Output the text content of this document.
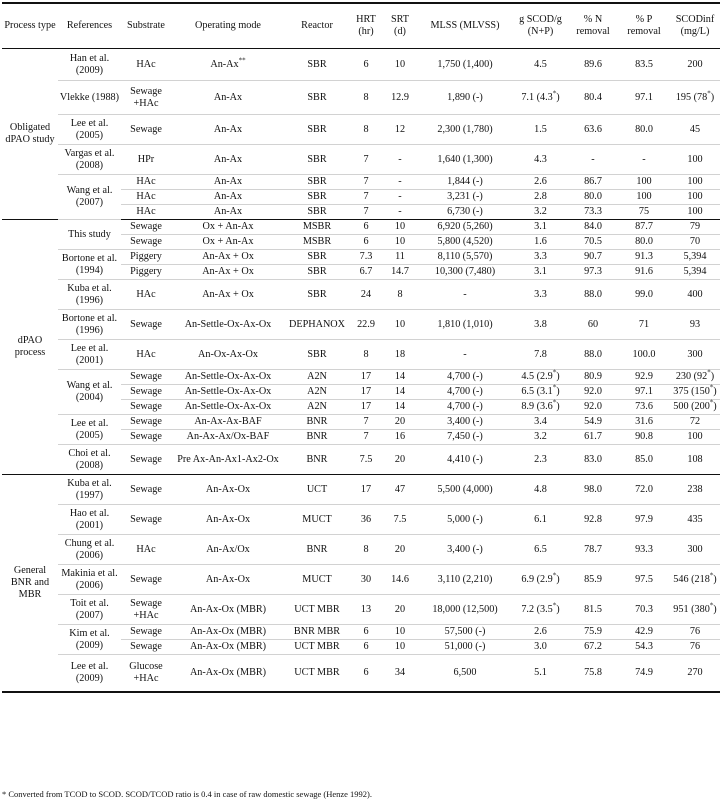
Process type	References	Substrate	Operating mode	Reactor	HRT (hr)	SRT (d)	MLSS (MLVSS)	g SCOD/g (N+P)	% N removal	% P removal	SCODinf (mg/L)
Obligated dPAO study	Han et al. (2009)	HAc	An-Ax**	SBR	6	10	1,750 (1,400)	4.5	89.6	83.5	200
	Vlekke (1988)	Sewage +HAc	An-Ax	SBR	8	12.9	1,890 (-)	7.1 (4.3*)	80.4	97.1	195 (78*)
	Lee et al. (2005)	Sewage	An-Ax	SBR	8	12	2,300 (1,780)	1.5	63.6	80.0	45
	Vargas et al. (2008)	HPr	An-Ax	SBR	7	-	1,640 (1,300)	4.3	-	-	100
	Wang et al. (2007)	HAc	An-Ax	SBR	7	-	1,844 (-)	2.6	86.7	100	100
		HAc	An-Ax	SBR	7	-	3,231 (-)	2.8	80.0	100	100
		HAc	An-Ax	SBR	7	-	6,730 (-)	3.2	73.3	75	100
dPAO process	This study	Sewage	Ox + An-Ax	MSBR	6	10	6,920 (5,260)	3.1	84.0	87.7	79
		Sewage	Ox + An-Ax	MSBR	6	10	5,800 (4,520)	1.6	70.5	80.0	70
	Bortone et al. (1994)	Piggery	An-Ax + Ox	SBR	7.3	11	8,110 (5,570)	3.3	90.7	91.3	5,394
		Piggery	An-Ax + Ox	SBR	6.7	14.7	10,300 (7,480)	3.1	97.3	91.6	5,394
	Kuba et al. (1996)	HAc	An-Ax + Ox	SBR	24	8	-	3.3	88.0	99.0	400
	Bortone et al. (1996)	Sewage	An-Settle-Ox-Ax-Ox	DEPHANOX	22.9	10	1,810 (1,010)	3.8	60	71	93
	Lee et al. (2001)	HAc	An-Ox-Ax-Ox	SBR	8	18	-	7.8	88.0	100.0	300
	Wang et al. (2004)	Sewage	An-Settle-Ox-Ax-Ox	A2N	17	14	4,700 (-)	4.5 (2.9*)	80.9	92.9	230 (92*)
		Sewage	An-Settle-Ox-Ax-Ox	A2N	17	14	4,700 (-)	6.5 (3.1*)	92.0	97.1	375 (150*)
		Sewage	An-Settle-Ox-Ax-Ox	A2N	17	14	4,700 (-)	8.9 (3.6*)	92.0	73.6	500 (200*)
	Lee et al. (2005)	Sewage	An-Ax-Ax-BAF	BNR	7	20	3,400 (-)	3.4	54.9	31.6	72
		Sewage	An-Ax-Ax/Ox-BAF	BNR	7	16	7,450 (-)	3.2	61.7	90.8	100
	Choi et al. (2008)	Sewage	Pre Ax-An-Ax1-Ax2-Ox	BNR	7.5	20	4,410 (-)	2.3	83.0	85.0	108
General BNR and MBR	Kuba et al. (1997)	Sewage	An-Ax-Ox	UCT	17	47	5,500 (4,000)	4.8	98.0	72.0	238
	Hao et al. (2001)	Sewage	An-Ax-Ox	MUCT	36	7.5	5,000 (-)	6.1	92.8	97.9	435
	Chung et al. (2006)	HAc	An-Ax/Ox	BNR	8	20	3,400 (-)	6.5	78.7	93.3	300
	Makinia et al. (2006)	Sewage	An-Ax-Ox	MUCT	30	14.6	3,110 (2,210)	6.9 (2.9*)	85.9	97.5	546 (218*)
	Toit et al. (2007)	Sewage +HAc	An-Ax-Ox (MBR)	UCT MBR	13	20	18,000 (12,500)	7.2 (3.5*)	81.5	70.3	951 (380*)
	Kim et al. (2009)	Sewage	An-Ax-Ox (MBR)	BNR MBR	6	10	57,500 (-)	2.6	75.9	42.9	76
		Sewage	An-Ax-Ox (MBR)	UCT MBR	6	10	51,000 (-)	3.0	67.2	54.3	76
	Lee et al. (2009)	Glucose +HAc	An-Ax-Ox (MBR)	UCT MBR	6	34	6,500	5.1	75.8	74.9	270
* Converted from TCOD to SCOD. SCOD/TCOD ratio is 0.4 in case of raw domestic sewage (Henze 1992).
